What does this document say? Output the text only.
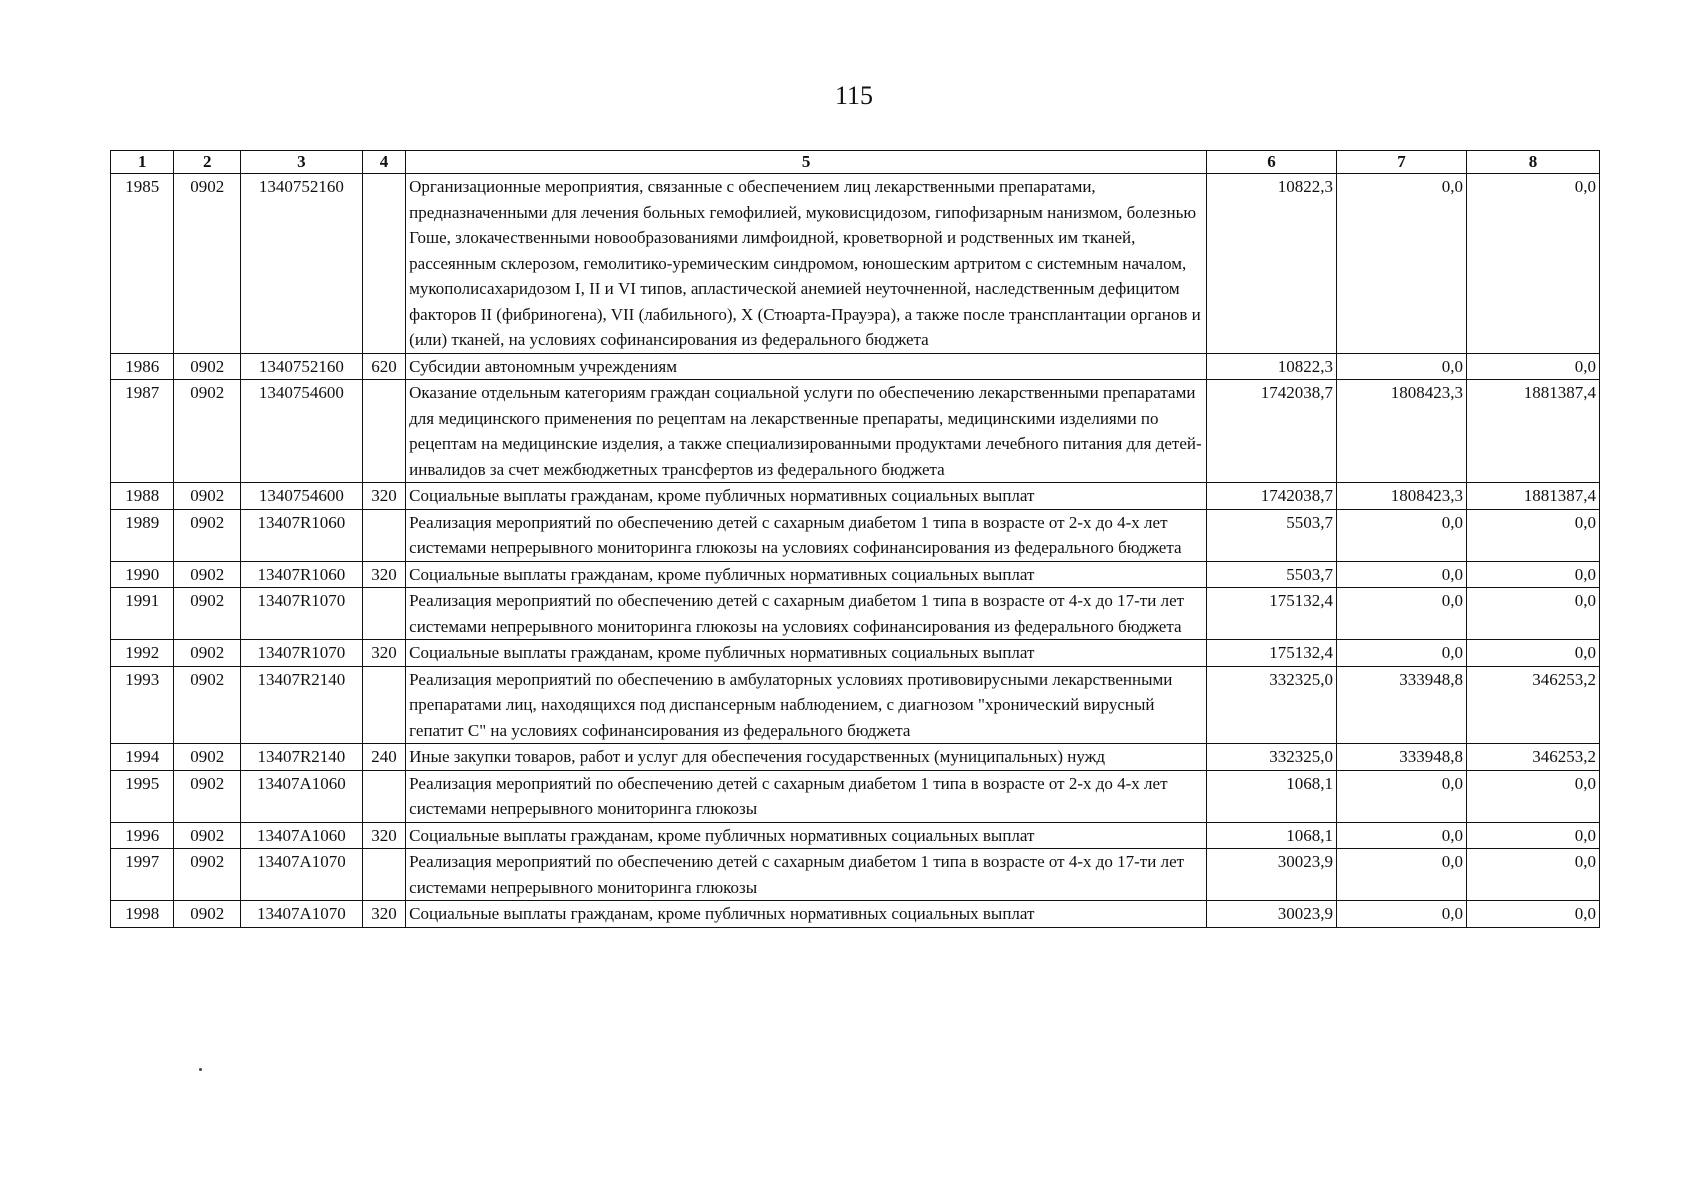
115
1	2	3	4	5	6	7	8
1985	0902	1340752160		Организационные мероприятия, связанные с обеспечением лиц лекарственными препаратами, предназначенными для лечения больных гемофилией, муковисцидозом, гипофизарным нанизмом, болезнью Гоше, злокачественными новообразованиями лимфоидной, кроветворной и родственных им тканей, рассеянным склерозом, гемолитико-уремическим синдромом, юношеским артритом с системным началом, мукополисахаридозом I, II и VI типов, апластической анемией неуточненной, наследственным дефицитом факторов II (фибриногена), VII (лабильного), X (Стюарта-Прауэра), а также после трансплантации органов и (или) тканей, на условиях софинансирования из федерального бюджета	10822,3	0,0	0,0
1986	0902	1340752160	620	Субсидии автономным учреждениям	10822,3	0,0	0,0
1987	0902	1340754600		Оказание отдельным категориям граждан социальной услуги по обеспечению лекарственными препаратами для медицинского применения по рецептам на лекарственные препараты, медицинскими изделиями по рецептам на медицинские изделия, а также специализированными продуктами лечебного питания для детей-инвалидов за счет межбюджетных трансфертов из федерального бюджета	1742038,7	1808423,3	1881387,4
1988	0902	1340754600	320	Социальные выплаты гражданам, кроме публичных нормативных социальных выплат	1742038,7	1808423,3	1881387,4
1989	0902	13407R1060		Реализация мероприятий по обеспечению детей с сахарным диабетом 1 типа в возрасте от 2-х до 4-х лет системами непрерывного мониторинга глюкозы на условиях софинансирования из федерального бюджета	5503,7	0,0	0,0
1990	0902	13407R1060	320	Социальные выплаты гражданам, кроме публичных нормативных социальных выплат	5503,7	0,0	0,0
1991	0902	13407R1070		Реализация мероприятий по обеспечению детей с сахарным диабетом 1 типа в возрасте от 4-х до 17-ти лет системами непрерывного мониторинга глюкозы на условиях софинансирования из федерального бюджета	175132,4	0,0	0,0
1992	0902	13407R1070	320	Социальные выплаты гражданам, кроме публичных нормативных социальных выплат	175132,4	0,0	0,0
1993	0902	13407R2140		Реализация мероприятий по обеспечению в амбулаторных условиях противовирусными лекарственными препаратами лиц, находящихся под диспансерным наблюдением, с диагнозом "хронический вирусный гепатит С" на условиях софинансирования из федерального бюджета	332325,0	333948,8	346253,2
1994	0902	13407R2140	240	Иные закупки товаров, работ и услуг для обеспечения государственных (муниципальных) нужд	332325,0	333948,8	346253,2
1995	0902	13407A1060		Реализация мероприятий по обеспечению детей с сахарным диабетом 1 типа в возрасте от 2-х до 4-х лет системами непрерывного мониторинга глюкозы	1068,1	0,0	0,0
1996	0902	13407A1060	320	Социальные выплаты гражданам, кроме публичных нормативных социальных выплат	1068,1	0,0	0,0
1997	0902	13407A1070		Реализация мероприятий по обеспечению детей с сахарным диабетом 1 типа в возрасте от 4-х до 17-ти лет системами непрерывного мониторинга глюкозы	30023,9	0,0	0,0
1998	0902	13407A1070	320	Социальные выплаты гражданам, кроме публичных нормативных социальных выплат	30023,9	0,0	0,0
